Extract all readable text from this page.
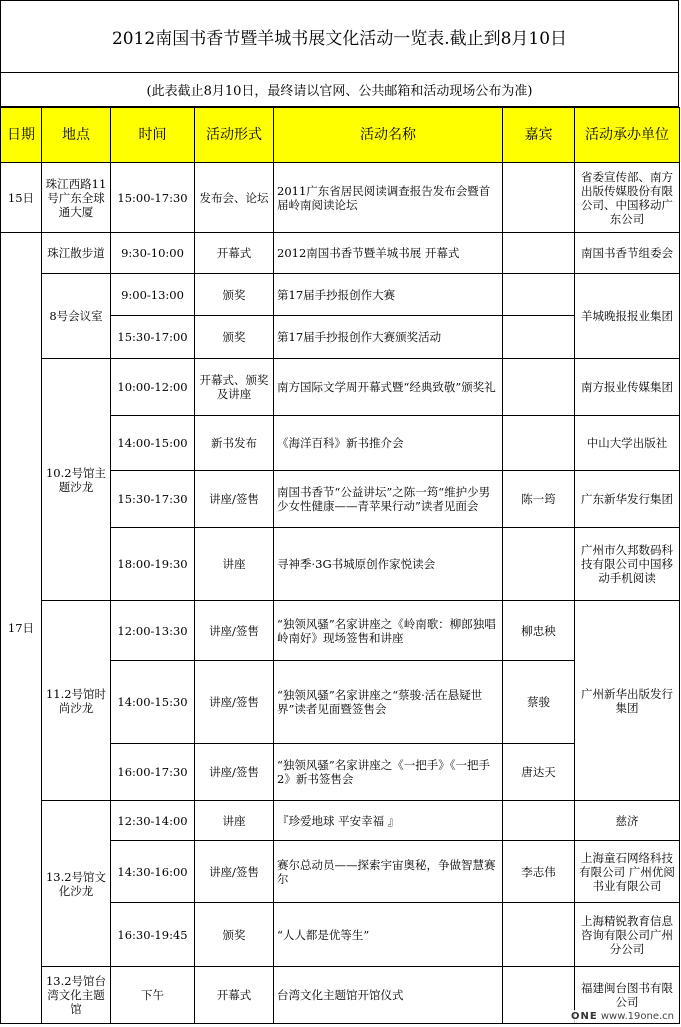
2012南国书香节暨羊城书展文化活动一览表.截止到8月10日
(此表截止8月10日，最终请以官网、公共邮箱和活动现场公布为准)
日期	地点	时间	活动形式	活动名称	嘉宾	活动承办单位
15日	珠江西路11号广东全球通大厦	15:00-17:30	发布会、论坛	2011广东省居民阅读调查报告发布会暨首届岭南阅读论坛		省委宣传部、南方出版传媒股份有限公司、中国移动广东公司
17日	珠江散步道	9:30-10:00	开幕式	2012南国书香节暨羊城书展 开幕式		南国书香节组委会
	8号会议室	9:00-13:00	颁奖	第17届手抄报创作大赛		羊城晚报报业集团
		15:30-17:00	颁奖	第17届手抄报创作大赛颁奖活动		
	10.2号馆主题沙龙	10:00-12:00	开幕式、颁奖及讲座	南方国际文学周开幕式暨“经典致敬”颁奖礼		南方报业传媒集团
		14:00-15:00	新书发布	《海洋百科》新书推介会		中山大学出版社
		15:30-17:30	讲座/签售	南国书香节“公益讲坛”之陈一筠“维护少男少女性健康——青苹果行动”读者见面会	陈一筠	广东新华发行集团
		18:00-19:30	讲座	寻神季·3G书城原创作家悦读会		广州市久邦数码科技有限公司中国移动手机阅读
	11.2号馆时尚沙龙	12:00-13:30	讲座/签售	“独领风骚”名家讲座之《岭南歌：柳郎独唱岭南好》现场签售和讲座	柳忠秧	广州新华出版发行集团
		14:00-15:30	讲座/签售	“独领风骚”名家讲座之“蔡骏·活在悬疑世界”读者见面暨签售会	蔡骏	
		16:00-17:30	讲座/签售	“独领风骚”名家讲座之《一把手》《一把手2》新书签售会	唐达天	
	13.2号馆文化沙龙	12:30-14:00	讲座	『珍爱地球 平安幸福 』		慈济
		14:30-16:00	讲座/签售	赛尔总动员——探索宇宙奥秘，争做智慧赛尔	李志伟	上海童石网络科技有限公司 广州优阅书业有限公司
		16:30-19:45	颁奖	“人人都是优等生”		上海精锐教育信息咨询有限公司广州分公司
	13.2号馆台湾文化主题馆	下午	开幕式	台湾文化主题馆开馆仪式		福建闽台图书有限公司
ONE www.19one.cn
